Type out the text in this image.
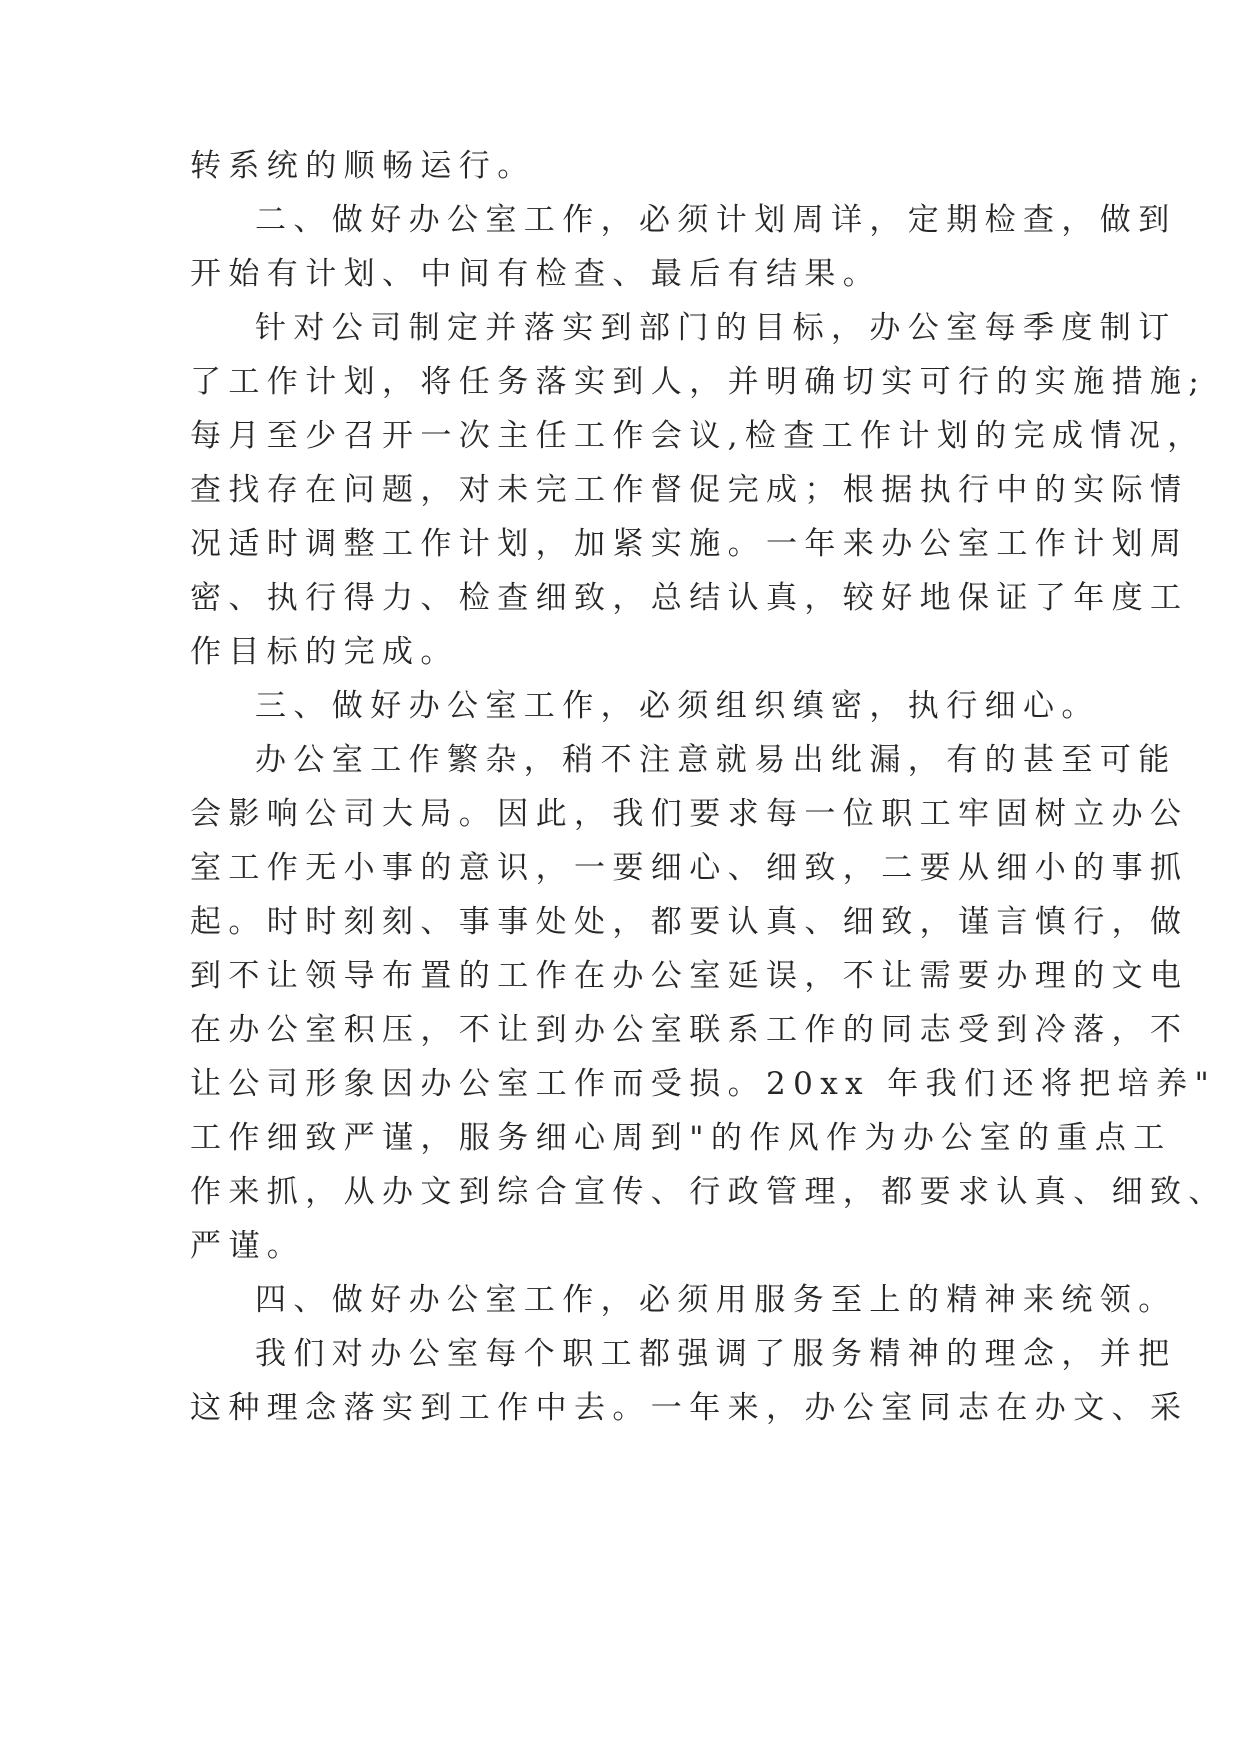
转系统的顺畅运行。
二、做好办公室工作，必须计划周详，定期检查，做到
开始有计划、中间有检查、最后有结果。
针对公司制定并落实到部门的目标，办公室每季度制订
了工作计划，将任务落实到人，并明确切实可行的实施措施;
每月至少召开一次主任工作会议,检查工作计划的完成情况，
查找存在问题，对未完工作督促完成；根据执行中的实际情
况适时调整工作计划，加紧实施。一年来办公室工作计划周
密、执行得力、检查细致，总结认真，较好地保证了年度工
作目标的完成。
三、做好办公室工作，必须组织缜密，执行细心。
办公室工作繁杂，稍不注意就易出纰漏，有的甚至可能
会影响公司大局。因此，我们要求每一位职工牢固树立办公
室工作无小事的意识，一要细心、细致，二要从细小的事抓
起。时时刻刻、事事处处，都要认真、细致，谨言慎行，做
到不让领导布置的工作在办公室延误，不让需要办理的文电
在办公室积压，不让到办公室联系工作的同志受到冷落，不
让公司形象因办公室工作而受损。20xx 年我们还将把培养"
工作细致严谨，服务细心周到"的作风作为办公室的重点工
作来抓，从办文到综合宣传、行政管理，都要求认真、细致、
严谨。
四、做好办公室工作，必须用服务至上的精神来统领。
我们对办公室每个职工都强调了服务精神的理念，并把
这种理念落实到工作中去。一年来，办公室同志在办文、采
